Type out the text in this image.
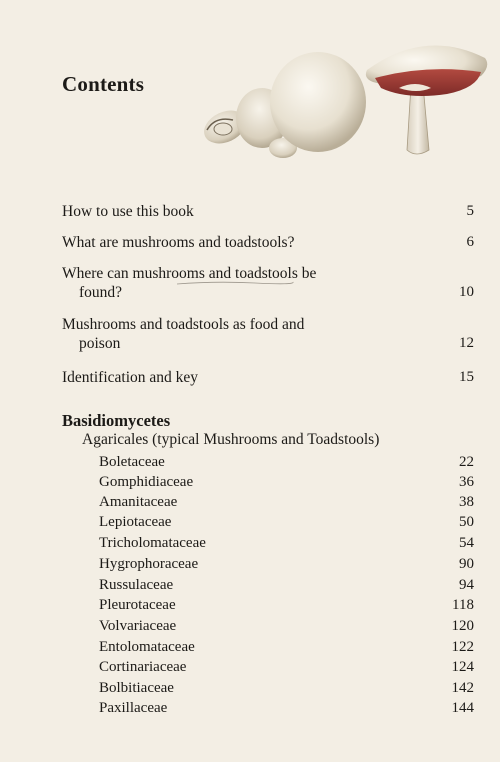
Contents
How to use this book	5
What are mushrooms and toadstools?	6
Where can mushrooms and toadstools be
found?	10
Mushrooms and toadstools as food and
poison	12
Identification and key	15
Basidiomycetes
Agaricales (typical Mushrooms and Toadstools)
Boletaceae	22
Gomphidiaceae	36
Amanitaceae	38
Lepiotaceae	50
Tricholomataceae	54
Hygrophoraceae	90
Russulaceae	94
Pleurotaceae	118
Volvariaceae	120
Entolomataceae	122
Cortinariaceae	124
Bolbitiaceae	142
Paxillaceae	144
